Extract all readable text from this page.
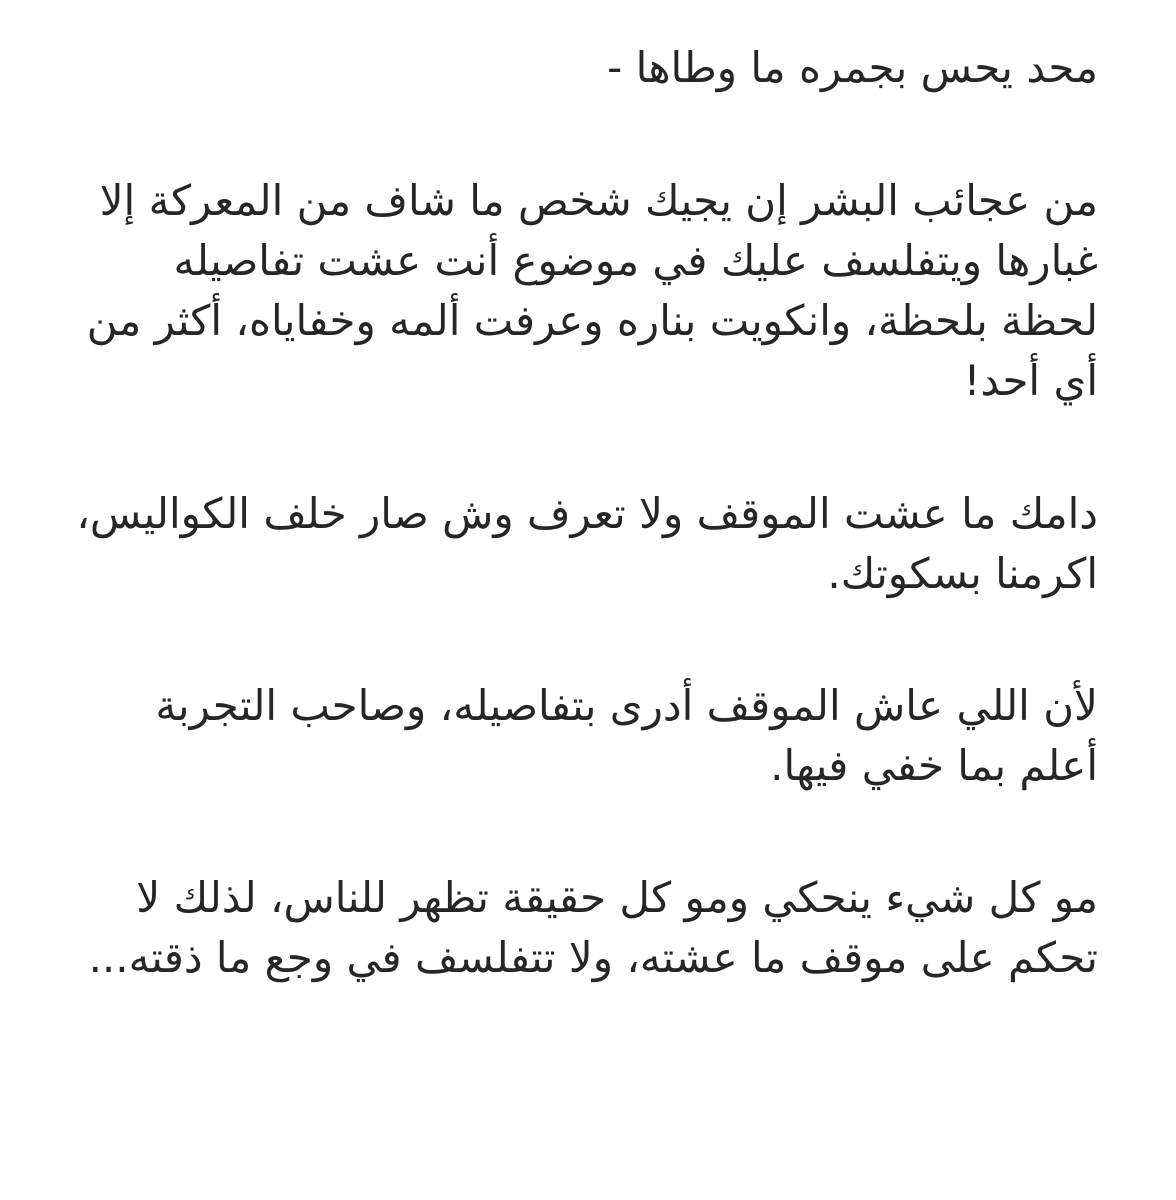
محد يحس بجمره ما وطاها -

من عجائب البشر إن يجيك شخص ما شاف من المعركة إلا
غبارها ويتفلسف عليك في موضوع أنت عشت تفاصيله
لحظة بلحظة، وانكويت بناره وعرفت ألمه وخفاياه، أكثر من
أي أحد!

دامك ما عشت الموقف ولا تعرف وش صار خلف الكواليس،
اكرمنا بسكوتك.

لأن اللي عاش الموقف أدرى بتفاصيله، وصاحب التجربة
أعلم بما خفي فيها.

مو كل شيء ينحكي ومو كل حقيقة تظهر للناس، لذلك لا
تحكم على موقف ما عشته، ولا تتفلسف في وجع ما ذقته...
